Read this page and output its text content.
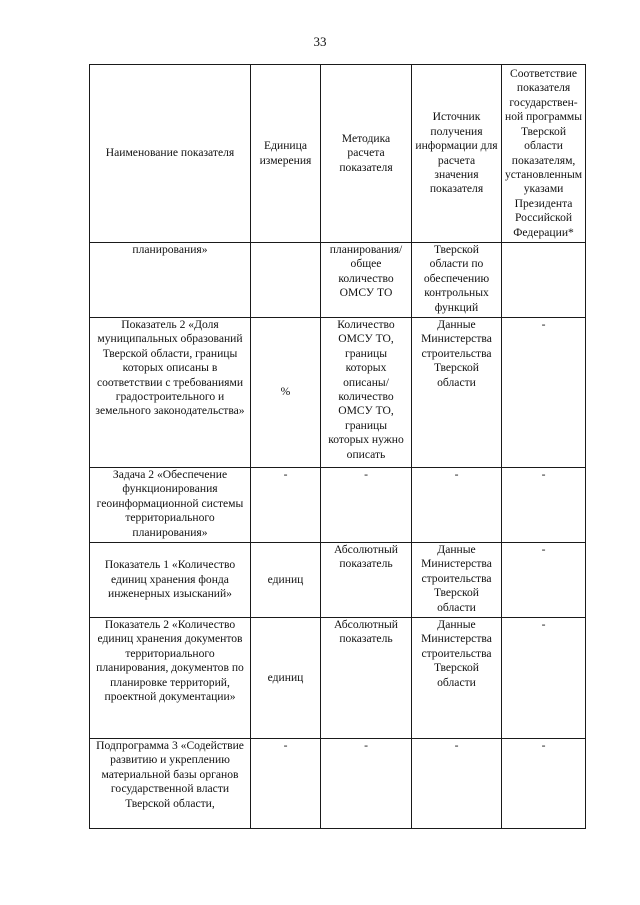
33
Наименование показателя	Единица измерения	Методика расчета показателя	Источник получения информации для расчета значения показателя	Соответствие показателя государствен-ной программы Тверской области показателям, установленным указами Президента Российской Федерации*
планирования»		планирования/ общее количество ОМСУ ТО	Тверской области по обеспечению контрольных функций	
Показатель 2 «Доля муниципальных образований Тверской области, границы которых описаны в соответствии с требованиями градостроительного и земельного законодательства»	%	Количество ОМСУ ТО, границы которых описаны/ количество ОМСУ ТО, границы которых нужно описать	Данные Министерства строительства Тверской области	-
Задача 2 «Обеспечение функционирования геоинформационной системы территориального планирования»	-	-	-	-
Показатель 1 «Количество единиц хранения фонда инженерных изысканий»	единиц	Абсолютный показатель	Данные Министерства строительства Тверской области	-
Показатель 2 «Количество единиц хранения документов территориального планирования, документов по планировке территорий, проектной документации»	единиц	Абсолютный показатель	Данные Министерства строительства Тверской области	-
Подпрограмма 3 «Содействие развитию и укреплению материальной базы органов государственной власти Тверской области,	-	-	-	-
